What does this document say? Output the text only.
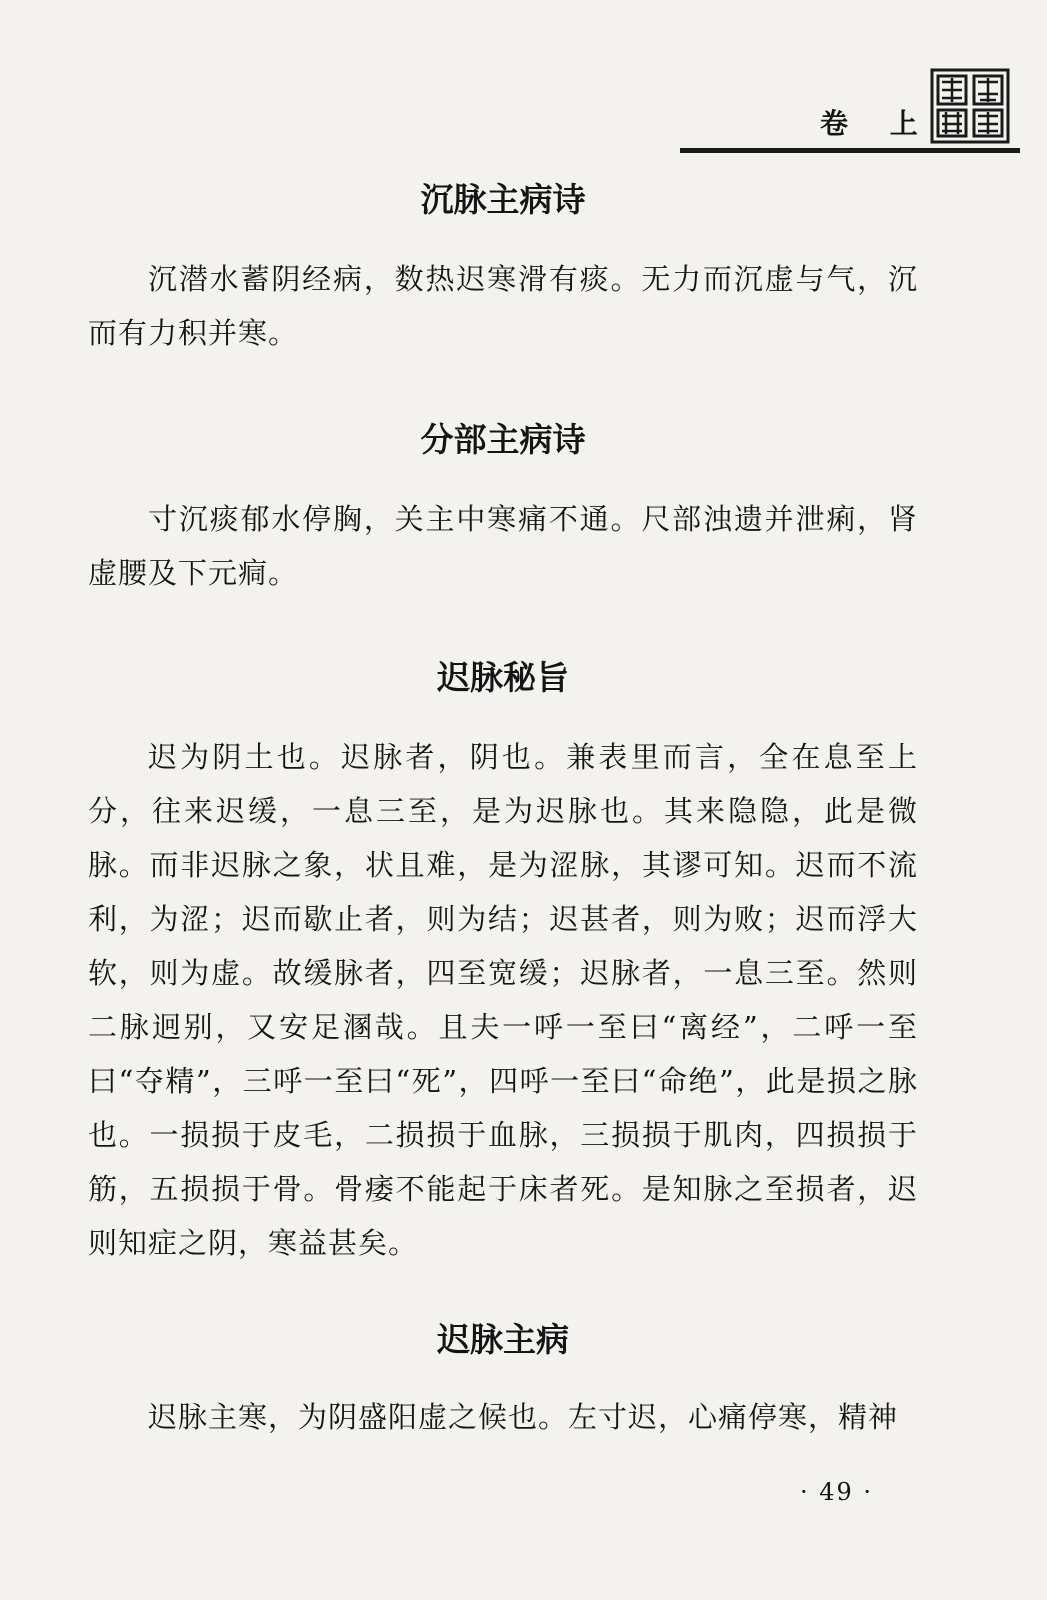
卷 上
沉脉主病诗

沉潜水蓄阴经病，数热迟寒滑有痰。无力而沉虚与气，沉而有力积并寒。

分部主病诗

寸沉痰郁水停胸，关主中寒痛不通。尺部浊遗并泄痢，肾虚腰及下元痌。

迟脉秘旨

迟为阴土也。迟脉者，阴也。兼表里而言，全在息至上分，往来迟缓，一息三至，是为迟脉也。其来隐隐，此是微脉。而非迟脉之象，状且难，是为涩脉，其谬可知。迟而不流利，为涩；迟而歇止者，则为结；迟甚者，则为败；迟而浮大软，则为虚。故缓脉者，四至宽缓；迟脉者，一息三至。然则二脉迥别，又安足溷哉。且夫一呼一至曰“离经”，二呼一至曰“夺精”，三呼一至曰“死”，四呼一至曰“命绝”，此是损之脉也。一损损于皮毛，二损损于血脉，三损损于肌肉，四损损于筋，五损损于骨。骨痿不能起于床者死。是知脉之至损者，迟则知症之阴，寒益甚矣。

迟脉主病

迟脉主寒，为阴盛阳虚之候也。左寸迟，心痛停寒，精神

· 49 ·
